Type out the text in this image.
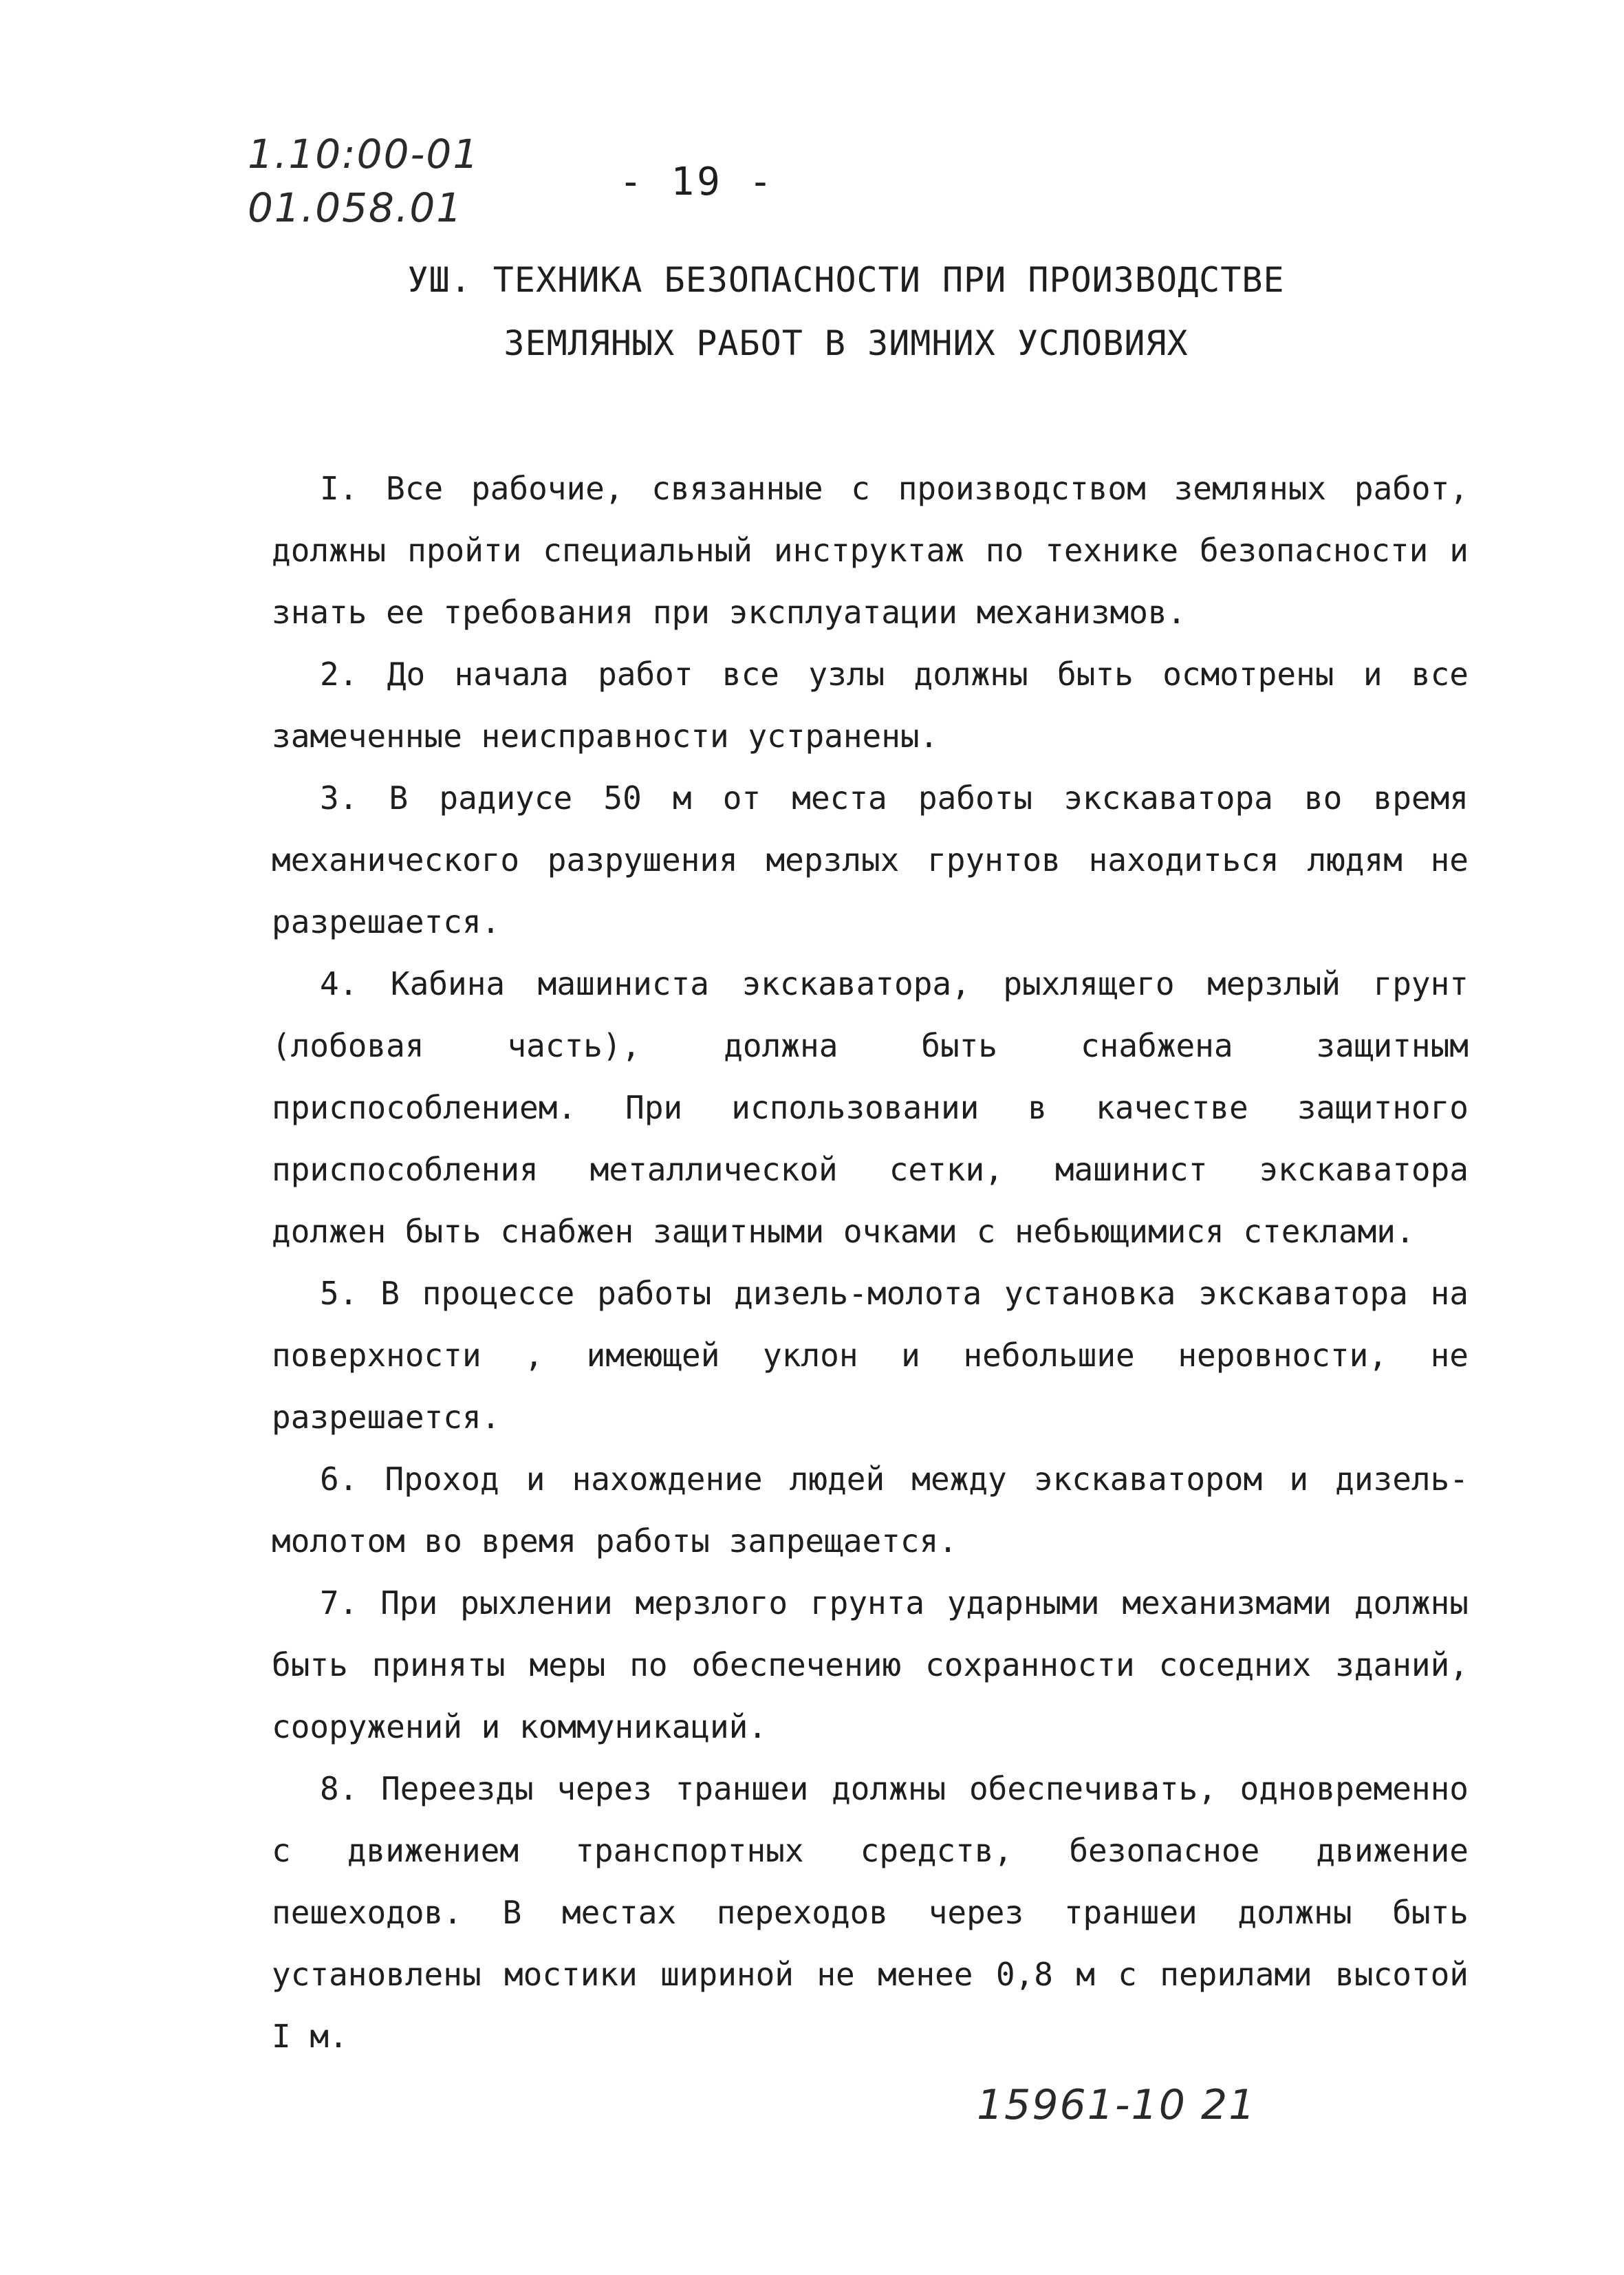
1.10:00-01
01.058.01
- 19 -
УШ. ТЕХНИКА БЕЗОПАСНОСТИ ПРИ ПРОИЗВОДСТВЕ
ЗЕМЛЯНЫХ РАБОТ В ЗИМНИХ УСЛОВИЯХ

I. Все рабочие, связанные с производством земляных работ, должны пройти специальный инструктаж по технике безопасности и знать ее требования при эксплуатации механизмов.

2. До начала работ все узлы должны быть осмотрены и все замеченные неисправности устранены.

3. В радиусе 50 м от места работы экскаватора во время механического разрушения мерзлых грунтов находиться людям не разрешается.

4. Кабина машиниста экскаватора, рыхлящего мерзлый грунт (лобовая часть), должна быть снабжена защитным приспособлением. При использовании в качестве защитного приспособления металлической сетки, машинист экскаватора должен быть снабжен защитными очками с небьющимися стеклами.

5. В процессе работы дизель-молота установка экскаватора на поверхности , имеющей уклон и небольшие неровности, не разрешается.

6. Проход и нахождение людей между экскаватором и дизель-молотом во время работы запрещается.

7. При рыхлении мерзлого грунта ударными механизмами должны быть приняты меры по обеспечению сохранности соседних зданий, сооружений и коммуникаций.

8. Переезды через траншеи должны обеспечивать, одновременно с движением транспортных средств, безопасное движение пешеходов. В местах переходов через траншеи должны быть установлены мостики шириной не менее 0,8 м с перилами высотой I м.

15961-10 21
